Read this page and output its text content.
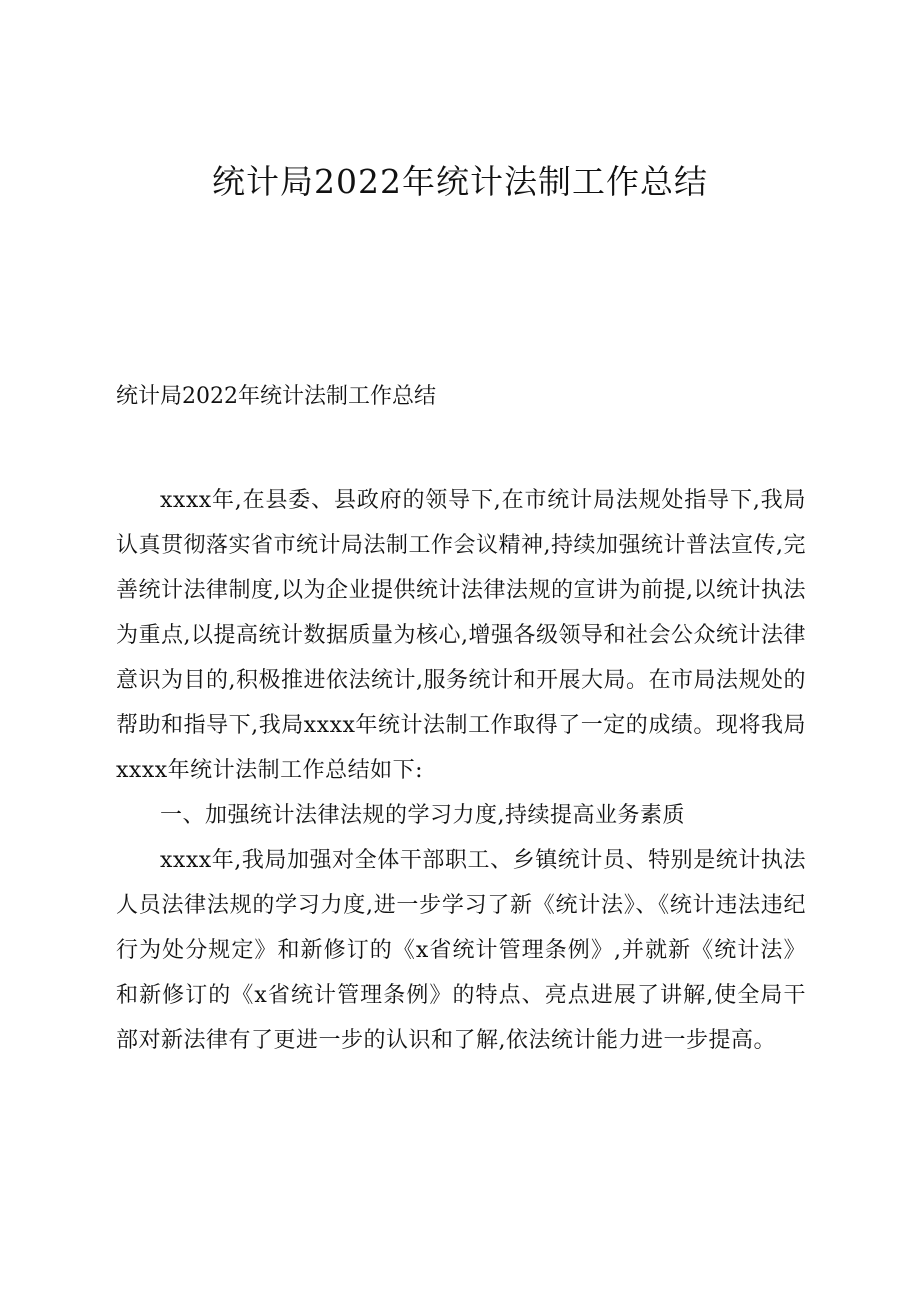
统计局2022年统计法制工作总结
统计局2022年统计法制工作总结

xxxx年,在县委、县政府的领导下,在市统计局法规处指导下,我局认真贯彻落实省市统计局法制工作会议精神,持续加强统计普法宣传,完善统计法律制度,以为企业提供统计法律法规的宣讲为前提,以统计执法为重点,以提高统计数据质量为核心,增强各级领导和社会公众统计法律意识为目的,积极推进依法统计,服务统计和开展大局。在市局法规处的帮助和指导下,我局xxxx年统计法制工作取得了一定的成绩。现将我局 xxxx年统计法制工作总结如下:

一、加强统计法律法规的学习力度,持续提高业务素质

xxxx年,我局加强对全体干部职工、乡镇统计员、特别是统计执法人员法律法规的学习力度,进一步学习了新《统计法》、《统计违法违纪行为处分规定》和新修订的《x省统计管理条例》,并就新《统计法》和新修订的《x省统计管理条例》的特点、亮点进展了讲解,使全局干部对新法律有了更进一步的认识和了解,依法统计能力进一步提高。
